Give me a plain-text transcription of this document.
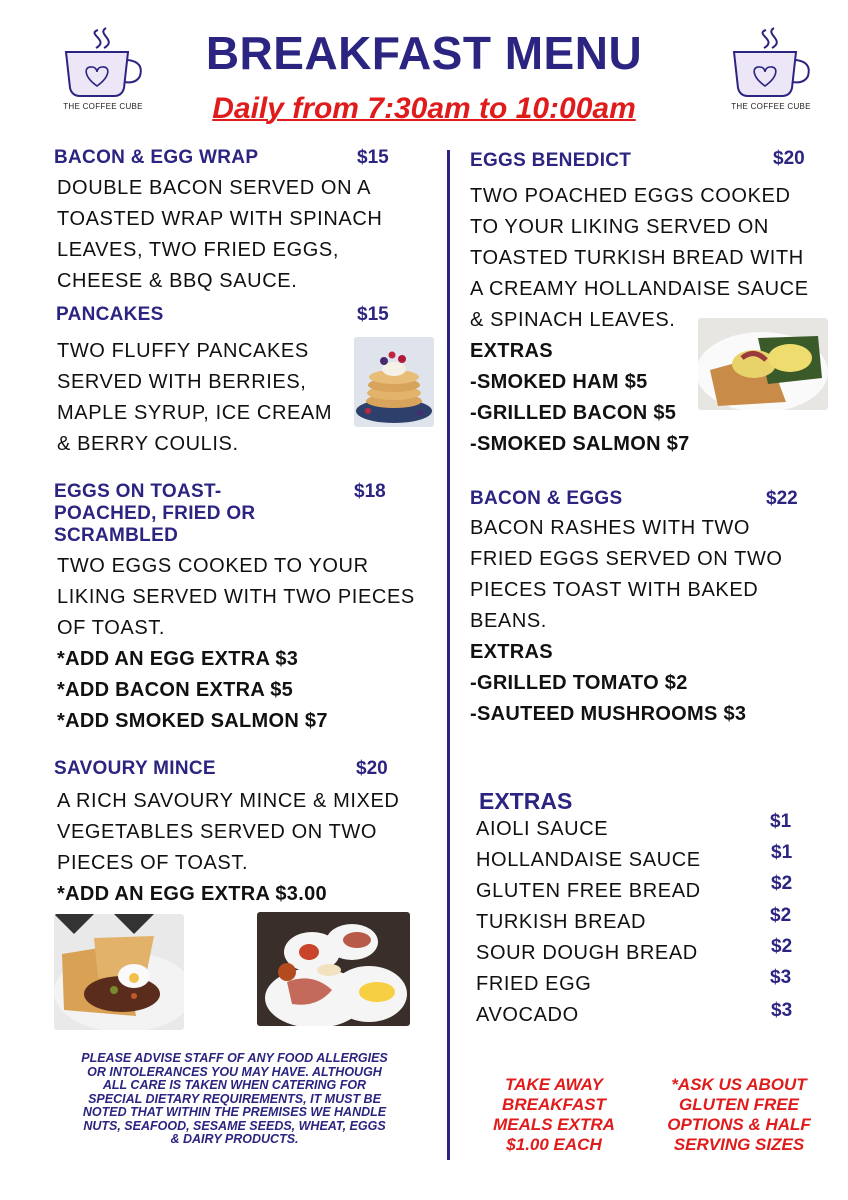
BREAKFAST MENU
Daily from 7:30am to 10:00am
THE COFFEE CUBE	THE COFFEE CUBE
BACON & EGG WRAP	$15
DOUBLE BACON SERVED ON A
TOASTED WRAP WITH SPINACH
LEAVES, TWO FRIED EGGS,
CHEESE & BBQ SAUCE.
PANCAKES	$15
TWO FLUFFY PANCAKES
SERVED WITH BERRIES,
MAPLE SYRUP, ICE CREAM
& BERRY COULIS.
EGGS ON TOAST-
POACHED, FRIED OR
SCRAMBLED
$18
TWO EGGS COOKED TO YOUR
LIKING SERVED WITH TWO PIECES
OF TOAST.
*ADD AN EGG EXTRA $3
*ADD BACON EXTRA $5
*ADD SMOKED SALMON $7
SAVOURY MINCE	$20
A RICH SAVOURY MINCE & MIXED
VEGETABLES SERVED ON TWO
PIECES OF TOAST.
*ADD AN EGG EXTRA $3.00
PLEASE ADVISE STAFF OF ANY FOOD ALLERGIES
OR INTOLERANCES YOU MAY HAVE. ALTHOUGH
ALL CARE IS TAKEN WHEN CATERING FOR
SPECIAL DIETARY REQUIREMENTS, IT MUST BE
NOTED THAT WITHIN THE PREMISES WE HANDLE
NUTS, SEAFOOD, SESAME SEEDS, WHEAT, EGGS
& DAIRY PRODUCTS.
EGGS BENEDICT	$20
TWO POACHED EGGS COOKED
TO YOUR LIKING SERVED ON
TOASTED TURKISH BREAD WITH
A CREAMY HOLLANDAISE SAUCE
& SPINACH LEAVES.
EXTRAS
-SMOKED HAM $5
-GRILLED BACON $5
-SMOKED SALMON $7
BACON & EGGS	$22
BACON RASHES WITH TWO
FRIED EGGS SERVED ON TWO
PIECES TOAST WITH BAKED
BEANS.
EXTRAS
-GRILLED TOMATO $2
-SAUTEED MUSHROOMS $3
EXTRAS
AIOLI SAUCE	$1
HOLLANDAISE SAUCE	$1
GLUTEN FREE BREAD	$2
TURKISH BREAD	$2
SOUR DOUGH BREAD	$2
FRIED EGG	$3
AVOCADO	$3
TAKE AWAY
BREAKFAST
MEALS EXTRA
$1.00 EACH
*ASK US ABOUT
GLUTEN FREE
OPTIONS & HALF
SERVING SIZES
